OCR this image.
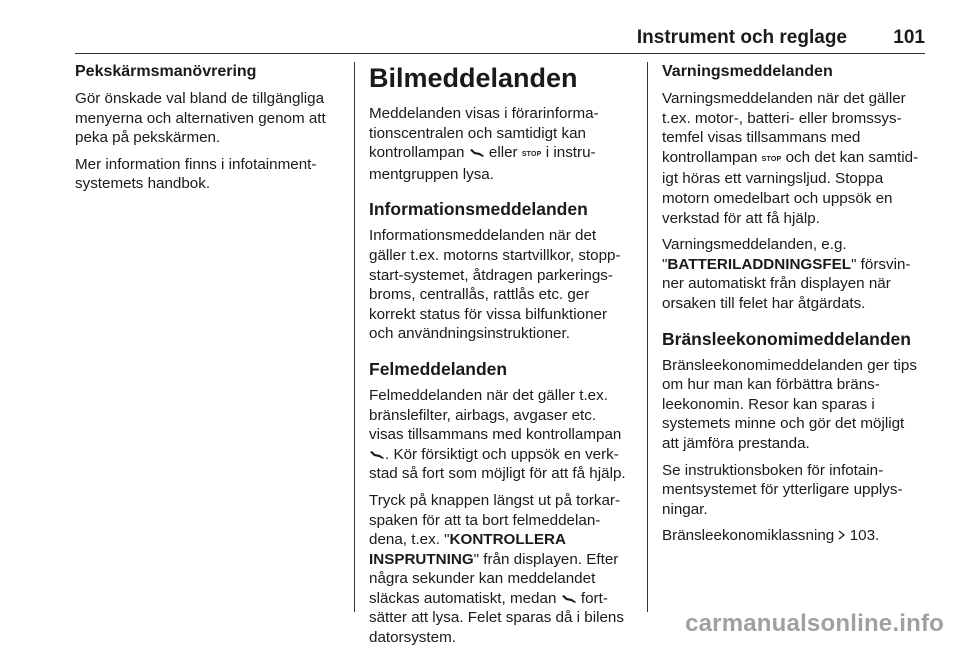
Instrument och reglage 101
Pekskärmsmanövrering

Gör önskade val bland de tillgängliga menyerna och alternativen genom att peka på pekskärmen.

Mer information finns i infotainmentsystemets handbok.

Bilmeddelanden

Meddelanden visas i förarinformationscentralen och samtidigt kan kontrollampan eller STOP i instrumentgruppen lysa.

Informationsmeddelanden

Informationsmeddelanden när det gäller t.ex. motorns startvillkor, stopp-start-systemet, åtdragen parkeringsbroms, centrallås, rattlås etc. ger korrekt status för vissa bilfunktioner och användningsinstruktioner.

Felmeddelanden

Felmeddelanden när det gäller t.ex. bränslefilter, airbags, avgaser etc. visas tillsammans med kontrollampan . Kör försiktigt och uppsök en verkstad så fort som möjligt för att få hjälp.

Tryck på knappen längst ut på torkarspaken för att ta bort felmeddelandena, t.ex. "KONTROLLERA INSPRUTNING" från displayen. Efter några sekunder kan meddelandet släckas automatiskt, medan fortsätter att lysa. Felet sparas då i bilens datorsystem.

Varningsmeddelanden

Varningsmeddelanden när det gäller t.ex. motor-, batteri- eller bromssystemfel visas tillsammans med kontrollampan STOP och det kan samtidigt höras ett varningsljud. Stoppa motorn omedelbart och uppsök en verkstad för att få hjälp.

Varningsmeddelanden, e.g. "BATTERILADDNINGSFEL" försvinner automatiskt från displayen när orsaken till felet har åtgärdats.

Bränsleekonomimeddelanden

Bränsleekonomimeddelanden ger tips om hur man kan förbättra bränsleekonomin. Resor kan sparas i systemets minne och gör det möjligt att jämföra prestanda.

Se instruktionsboken för infotainmentsystemet för ytterligare upplysningar.

Bränsleekonomiklassning 103.

carmanualsonline.info
